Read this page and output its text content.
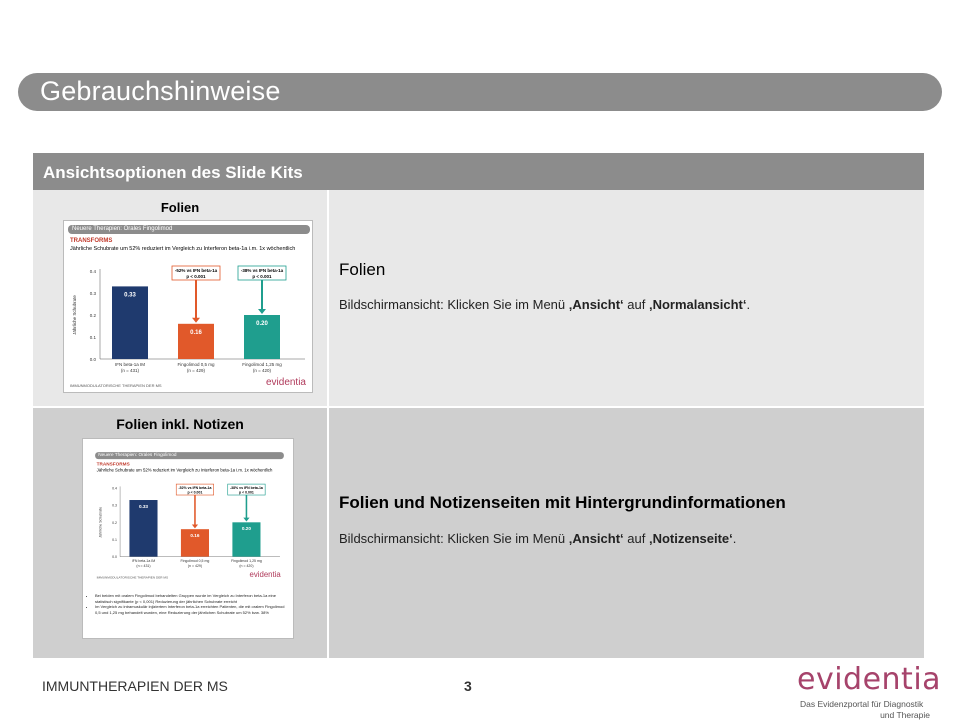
Gebrauchshinweise
Ansichtsoptionen des Slide Kits
Folien
Folien
Bildschirmansicht: Klicken Sie im Menü ‚Ansicht‘ auf ‚Normalansicht‘.
Folien inkl. Notizen
Folien und Notizenseiten mit Hintergrundinformationen
Bildschirmansicht: Klicken Sie im Menü ‚Ansicht‘ auf ‚Notizenseite‘.
Neuere Therapien: Orales Fingolimod
TRANSFORMS
Jährliche Schubrate um 52% reduziert im Vergleich zu Interferon beta-1a i.m. 1x wöchentlich
0.0
0.1
0.2
0.3
0.4
Jährliche Schubrate	0.33
IFN beta-1a IM
(n = 431)
0.16
Fingolimod 0,5 mg
(n = 429)
0.20
Fingolimod 1,25 mg
(n = 420)
-52% vs IFN beta-1a
p < 0.001
-38% vs IFN beta-1a
p < 0.001
IMMUNMODULATORISCHE THERAPIEN DER MS	evidentia
Neuere Therapien: Orales Fingolimod
TRANSFORMS
Jährliche Schubrate um 52% reduziert im Vergleich zu Interferon beta-1a i.m. 1x wöchentlich
0.0
0.1
0.2
0.3
0.4
Jährliche Schubrate
0.33
IFN beta-1a IM
(n = 431)
0.16
Fingolimod 0,5 mg
(n = 429)
0.20
Fingolimod 1,25 mg
(n = 420)
-52% vs IFN beta-1a
p < 0.001
-38% vs IFN beta-1a
p < 0.001
IMMUNMODULATORISCHE THERAPIEN DER MS	evidentia
• Bei beiden mit oralem Fingolimod behandelten Gruppen wurde im Vergleich zu Interferon beta-1a eine statistisch signifikante (p < 0,001) Reduzierung der jährlichen Schubrate erreicht
• Im Vergleich zu intramuskulär injiziertem Interferon beta-1a erreichten Patienten, die mit oralem Fingolimod 0,5 und 1,25 mg behandelt wurden, eine Reduzierung der jährlichen Schubrate um 52% bzw. 38%
IMMUNTHERAPIEN DER MS	3	evidentia
Das Evidenzportal für Diagnostik
und Therapie
